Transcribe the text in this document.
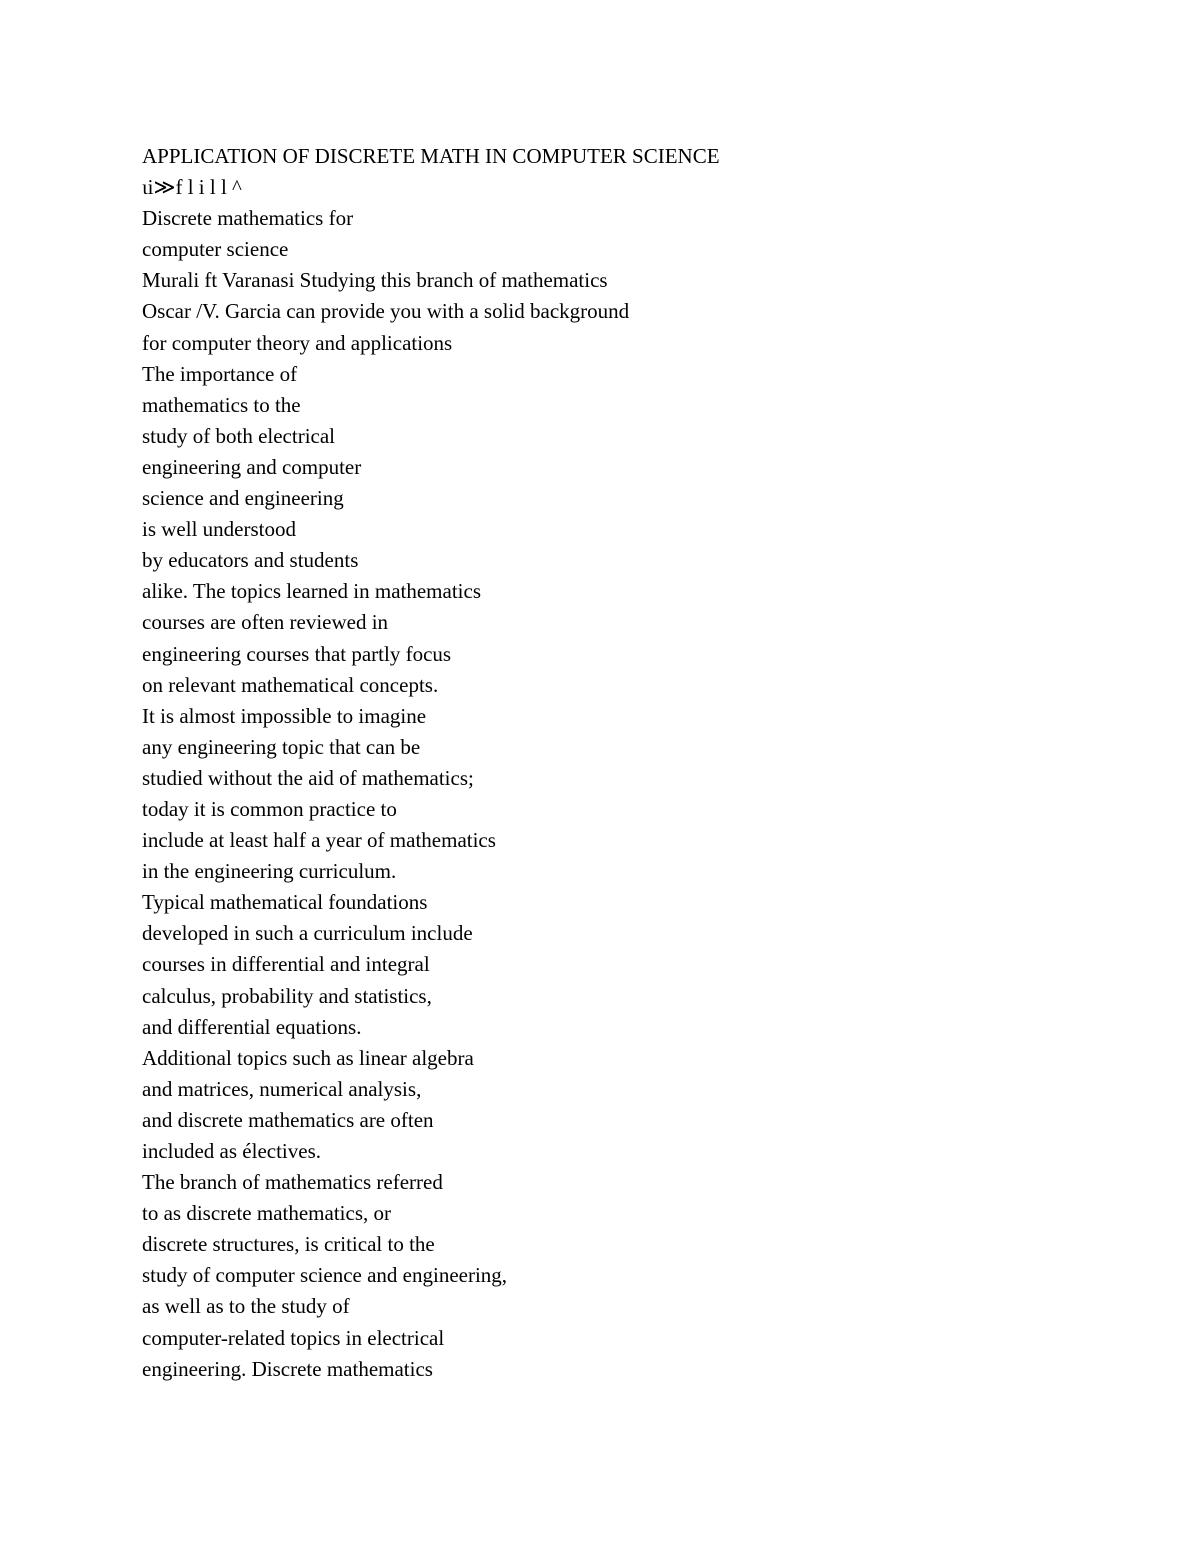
APPLICATION OF DISCRETE MATH IN COMPUTER SCIENCE
ιi≫f l i l l ^
Discrete mathematics for
computer science
Murali ft Varanasi Studying this branch of mathematics
Oscar /V. Garcia can provide you with a solid background
for computer theory and applications
The importance of
mathematics to the
study of both electrical
engineering and computer
science and engineering
is well understood
by educators and students
alike. The topics learned in mathematics
courses are often reviewed in
engineering courses that partly focus
on relevant mathematical concepts.
It is almost impossible to imagine
any engineering topic that can be
studied without the aid of mathematics;
today it is common practice to
include at least half a year of mathematics
in the engineering curriculum.
Typical mathematical foundations
developed in such a curriculum include
courses in differential and integral
calculus, probability and statistics,
and differential equations.
Additional topics such as linear algebra
and matrices, numerical analysis,
and discrete mathematics are often
included as électives.
The branch of mathematics referred
to as discrete mathematics, or
discrete structures, is critical to the
study of computer science and engineering,
as well as to the study of
computer-related topics in electrical
engineering. Discrete mathematics
